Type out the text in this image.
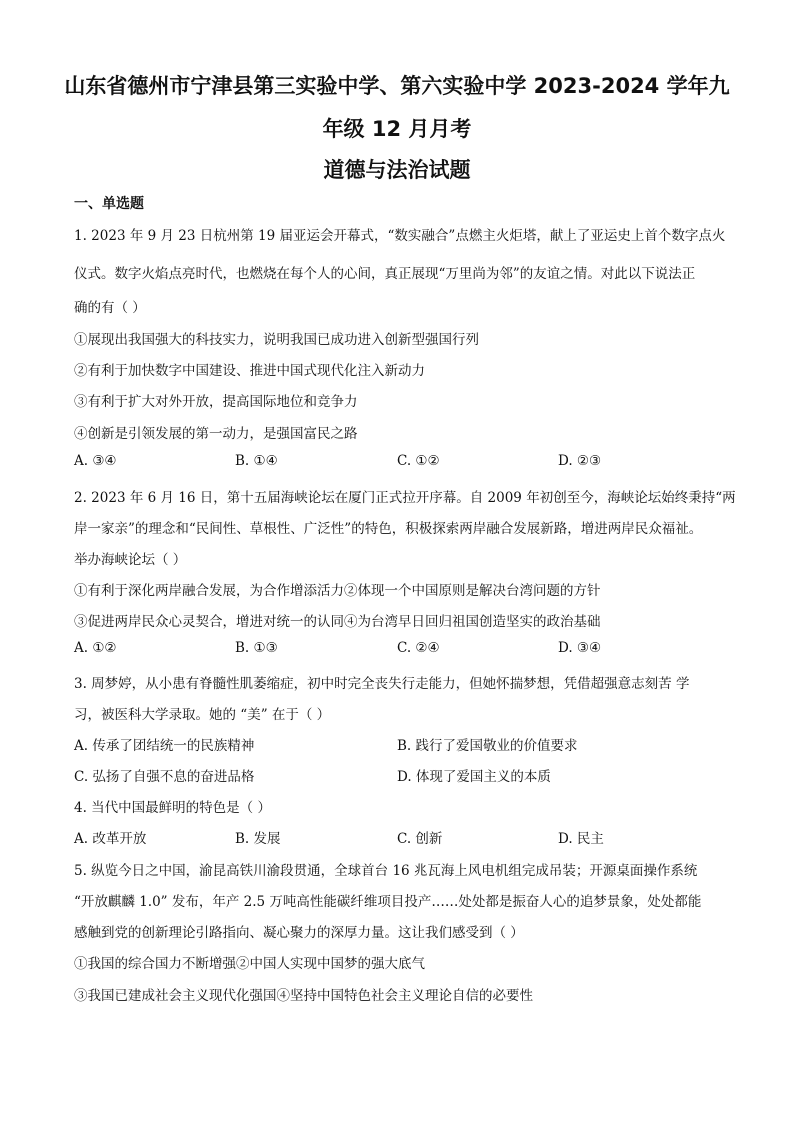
山东省德州市宁津县第三实验中学、第六实验中学 2023-2024 学年九
年级 12 月月考
道德与法治试题
一、单选题
1. 2023 年 9 月 23 日杭州第 19 届亚运会开幕式，“数实融合”点燃主火炬塔，献上了亚运史上首个数字点火
仪式。数字火焰点亮时代，也燃烧在每个人的心间，真正展现“万里尚为邻”的友谊之情。对此以下说法正
确的有（ ）
①展现出我国强大的科技实力，说明我国已成功进入创新型强国行列
②有利于加快数字中国建设、推进中国式现代化注入新动力
③有利于扩大对外开放，提高国际地位和竞争力
④创新是引领发展的第一动力，是强国富民之路
A. ③④	B. ①④	C. ①②	D. ②③
2. 2023 年 6 月 16 日，第十五届海峡论坛在厦门正式拉开序幕。自 2009 年初创至今，海峡论坛始终秉持“两
岸一家亲”的理念和“民间性、草根性、广泛性”的特色，积极探索两岸融合发展新路，增进两岸民众福祉。
举办海峡论坛（ ）
①有利于深化两岸融合发展，为合作增添活力②体现一个中国原则是解决台湾问题的方针
③促进两岸民众心灵契合，增进对统一的认同④为台湾早日回归祖国创造坚实的政治基础
A. ①②	B. ①③	C. ②④	D. ③④
3. 周梦婷，从小患有脊髓性肌萎缩症，初中时完全丧失行走能力，但她怀揣梦想，凭借超强意志刻苦 学
习，被医科大学录取。她的 “美” 在于（ ）
A. 传承了团结统一的民族精神	B. 践行了爱国敬业的价值要求
C. 弘扬了自强不息的奋进品格	D. 体现了爱国主义的本质
4. 当代中国最鲜明的特色是（ ）
A. 改革开放	B. 发展	C. 创新	D. 民主
5. 纵览今日之中国，渝昆高铁川渝段贯通，全球首台 16 兆瓦海上风电机组完成吊装；开源桌面操作系统
“开放麒麟 1.0” 发布，年产 2.5 万吨高性能碳纤维项目投产……处处都是振奋人心的追梦景象，处处都能
感触到党的创新理论引路指向、凝心聚力的深厚力量。这让我们感受到（ ）
①我国的综合国力不断增强②中国人实现中国梦的强大底气
③我国已建成社会主义现代化强国④坚持中国特色社会主义理论自信的必要性
